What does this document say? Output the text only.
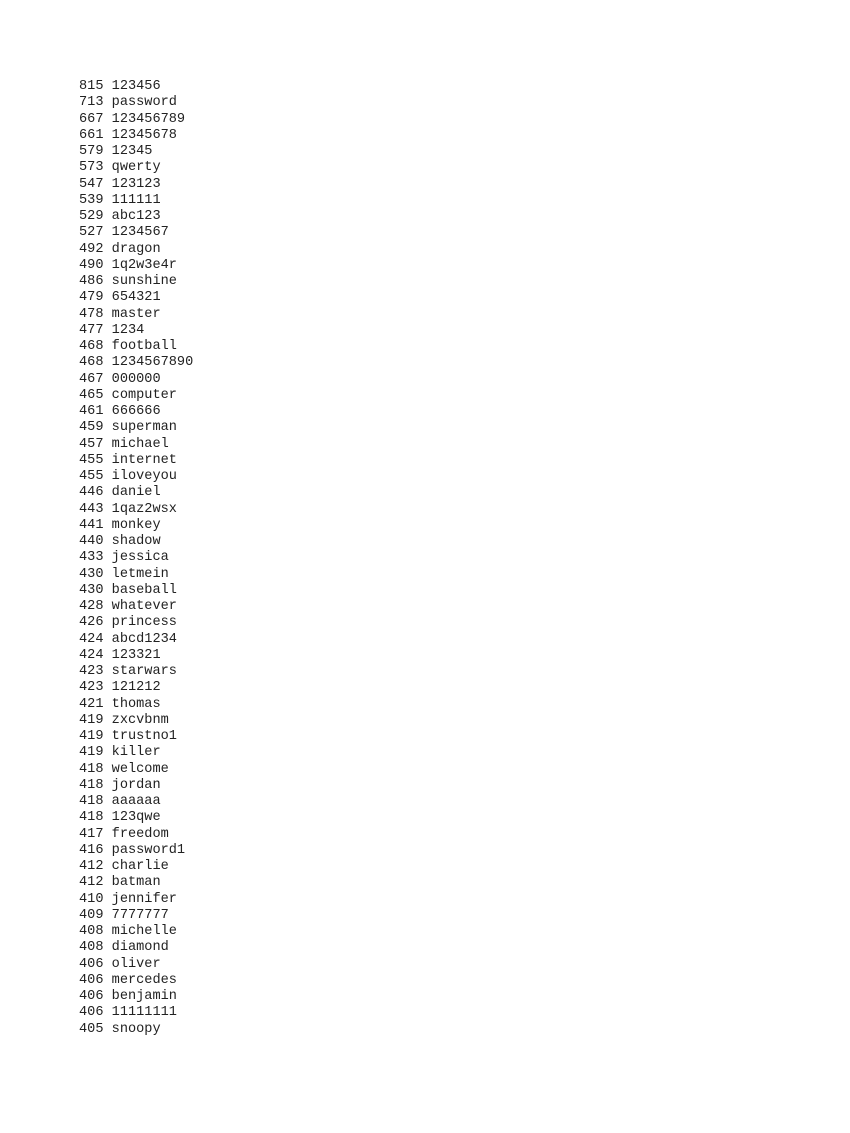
815 123456
713 password
667 123456789
661 12345678
579 12345
573 qwerty
547 123123
539 111111
529 abc123
527 1234567
492 dragon
490 1q2w3e4r
486 sunshine
479 654321
478 master
477 1234
468 football
468 1234567890
467 000000
465 computer
461 666666
459 superman
457 michael
455 internet
455 iloveyou
446 daniel
443 1qaz2wsx
441 monkey
440 shadow
433 jessica
430 letmein
430 baseball
428 whatever
426 princess
424 abcd1234
424 123321
423 starwars
423 121212
421 thomas
419 zxcvbnm
419 trustno1
419 killer
418 welcome
418 jordan
418 aaaaaa
418 123qwe
417 freedom
416 password1
412 charlie
412 batman
410 jennifer
409 7777777
408 michelle
408 diamond
406 oliver
406 mercedes
406 benjamin
406 11111111
405 snoopy
